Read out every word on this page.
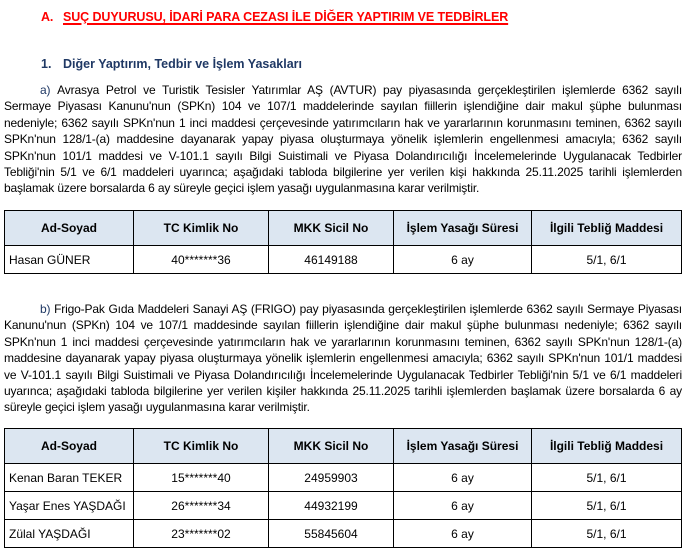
A. SUÇ DUYURUSU, İDARİ PARA CEZASI İLE DİĞER YAPTIRIM VE TEDBİRLER
1. Diğer Yaptırım, Tedbir ve İşlem Yasakları
a) Avrasya Petrol ve Turistik Tesisler Yatırımlar AŞ (AVTUR) pay piyasasında gerçekleştirilen işlemlerde 6362 sayılı Sermaye Piyasası Kanunu'nun (SPKn) 104 ve 107/1 maddelerinde sayılan fiillerin işlendiğine dair makul şüphe bulunması nedeniyle; 6362 sayılı SPKn'nun 1 inci maddesi çerçevesinde yatırımcıların hak ve yararlarının korunmasını teminen, 6362 sayılı SPKn'nun 128/1-(a) maddesine dayanarak yapay piyasa oluşturmaya yönelik işlemlerin engellenmesi amacıyla; 6362 sayılı SPKn'nun 101/1 maddesi ve V-101.1 sayılı Bilgi Suistimali ve Piyasa Dolandırıcılığı İncelemelerinde Uygulanacak Tedbirler Tebliği'nin 5/1 ve 6/1 maddeleri uyarınca; aşağıdaki tabloda bilgilerine yer verilen kişi hakkında 25.11.2025 tarihli işlemlerden başlamak üzere borsalarda 6 ay süreyle geçici işlem yasağı uygulanmasına karar verilmiştir.
Ad-Soyad	TC Kimlik No	MKK Sicil No	İşlem Yasağı Süresi	İlgili Tebliğ Maddesi
Hasan GÜNER	40*******36	46149188	6 ay	5/1, 6/1
b) Frigo-Pak Gıda Maddeleri Sanayi AŞ (FRIGO) pay piyasasında gerçekleştirilen işlemlerde 6362 sayılı Sermaye Piyasası Kanunu'nun (SPKn) 104 ve 107/1 maddesinde sayılan fiillerin işlendiğine dair makul şüphe bulunması nedeniyle; 6362 sayılı SPKn'nun 1 inci maddesi çerçevesinde yatırımcıların hak ve yararlarının korunmasını teminen, 6362 sayılı SPKn'nun 128/1-(a) maddesine dayanarak yapay piyasa oluşturmaya yönelik işlemlerin engellenmesi amacıyla; 6362 sayılı SPKn'nun 101/1 maddesi ve V-101.1 sayılı Bilgi Suistimali ve Piyasa Dolandırıcılığı İncelemelerinde Uygulanacak Tedbirler Tebliği'nin 5/1 ve 6/1 maddeleri uyarınca; aşağıdaki tabloda bilgilerine yer verilen kişiler hakkında 25.11.2025 tarihli işlemlerden başlamak üzere borsalarda 6 ay süreyle geçici işlem yasağı uygulanmasına karar verilmiştir.
Ad-Soyad	TC Kimlik No	MKK Sicil No	İşlem Yasağı Süresi	İlgili Tebliğ Maddesi
Kenan Baran TEKER	15*******40	24959903	6 ay	5/1, 6/1
Yaşar Enes YAŞDAĞI	26*******34	44932199	6 ay	5/1, 6/1
Zülal YAŞDAĞI	23*******02	55845604	6 ay	5/1, 6/1
